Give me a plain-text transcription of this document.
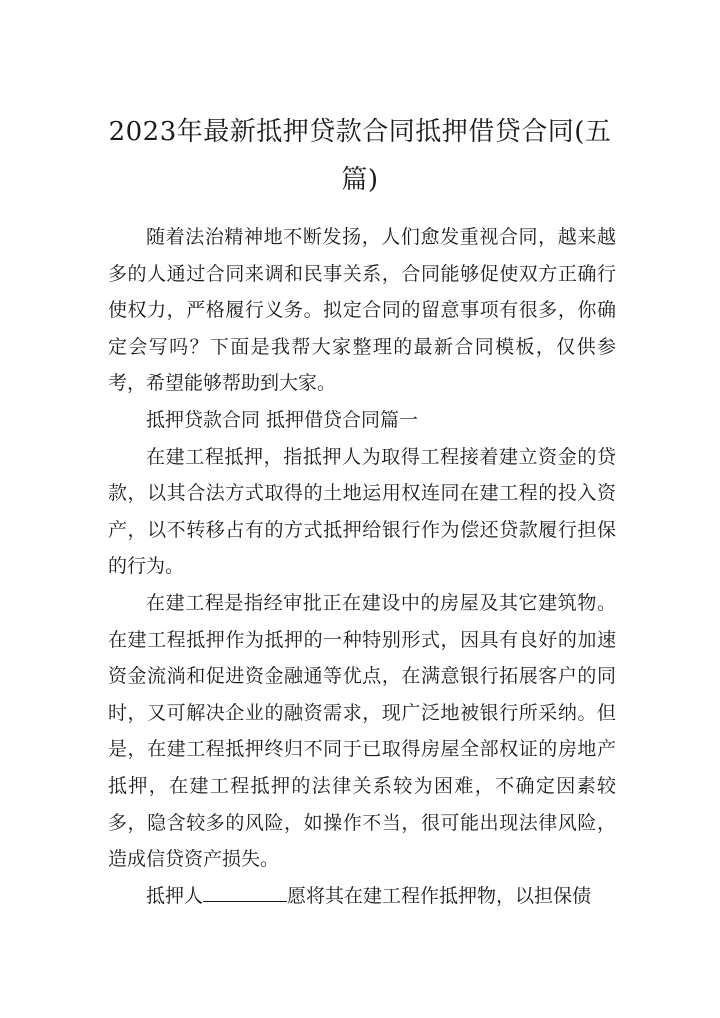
2023年最新抵押贷款合同抵押借贷合同(五篇)

随着法治精神地不断发扬，人们愈发重视合同，越来越多的人通过合同来调和民事关系，合同能够促使双方正确行使权力，严格履行义务。拟定合同的留意事项有很多，你确定会写吗？下面是我帮大家整理的最新合同模板，仅供参考，希望能够帮助到大家。

抵押贷款合同 抵押借贷合同篇一

在建工程抵押，指抵押人为取得工程接着建立资金的贷款，以其合法方式取得的土地运用权连同在建工程的投入资产，以不转移占有的方式抵押给银行作为偿还贷款履行担保的行为。

在建工程是指经审批正在建设中的房屋及其它建筑物。在建工程抵押作为抵押的一种特别形式，因具有良好的加速资金流淌和促进资金融通等优点，在满意银行拓展客户的同时，又可解决企业的融资需求，现广泛地被银行所采纳。但是，在建工程抵押终归不同于已取得房屋全部权证的房地产抵押，在建工程抵押的法律关系较为困难，不确定因素较多，隐含较多的风险，如操作不当，很可能出现法律风险，造成信贷资产损失。

抵押人	愿将其在建工程作抵押物，以担保债
